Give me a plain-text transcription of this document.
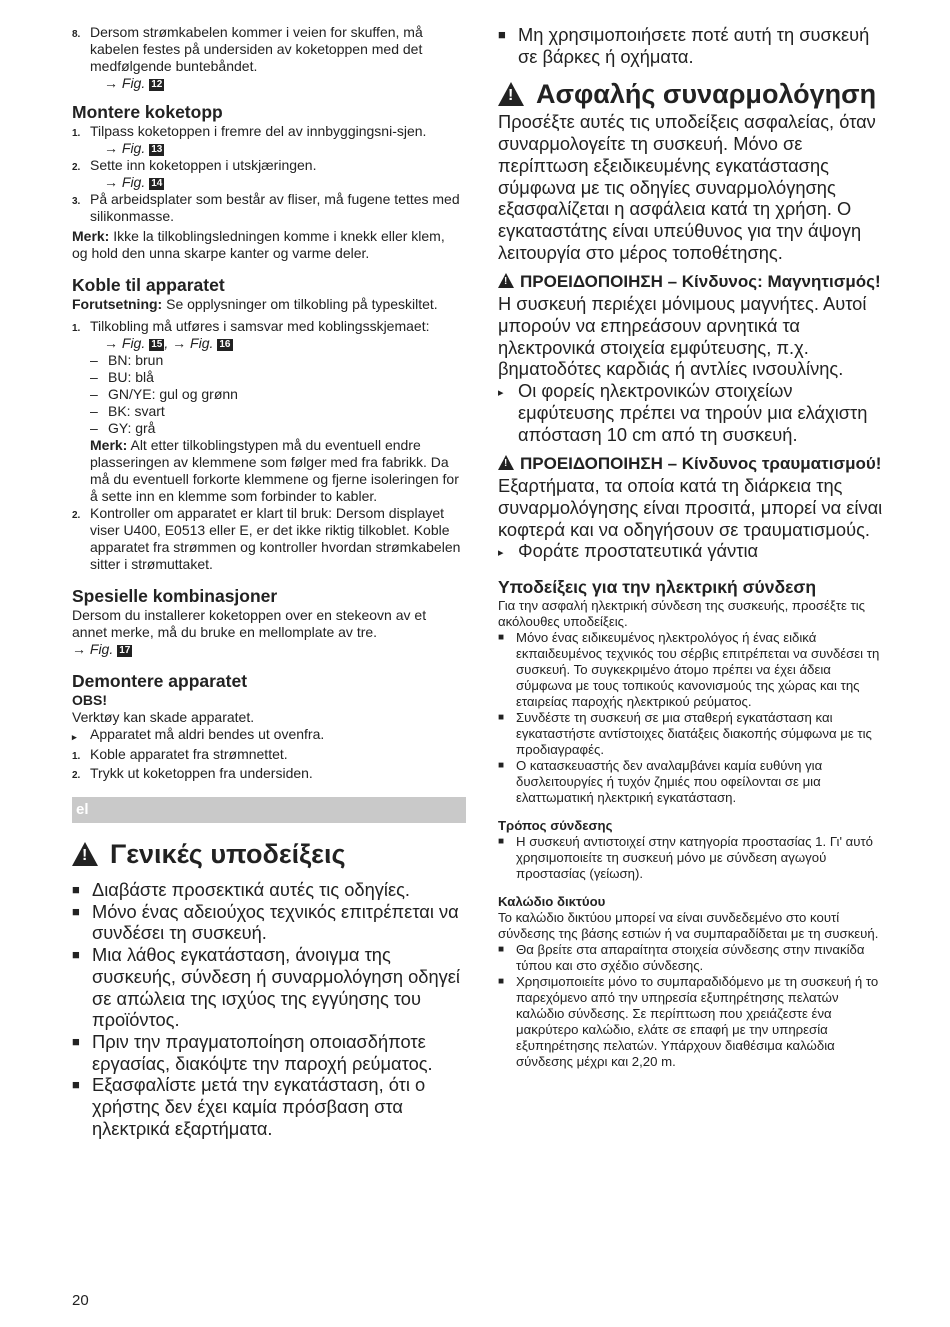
8. Dersom strømkabelen kommer i veien for skuffen, må kabelen festes på undersiden av koketoppen med det medfølgende buntebåndet.
→ Fig. 12
Montere koketopp
1. Tilpass koketoppen i fremre del av innbyggingsni-sjen.
→ Fig. 13
2. Sette inn koketoppen i utskjæringen.
→ Fig. 14
3. På arbeidsplater som består av fliser, må fugene tettes med silikonmasse.

Merk: Ikke la tilkoblingsledningen komme i knekk eller klem, og hold den unna skarpe kanter og varme deler.

Koble til apparatet

Forutsetning: Se opplysninger om tilkobling på typeskiltet.

1. Tilkobling må utføres i samsvar med koblingsskjemaet:
→ Fig. 15 , → Fig. 16
– BN: brun
– BU: blå
– GN/YE: gul og grønn
– BK: svart
– GY: grå

Merk: Alt etter tilkoblingstypen må du eventuell endre plasseringen av klemmene som følger med fra fabrikk. Da må du eventuell forkorte klemmene og fjerne isoleringen for å sette inn en klemme som forbinder to kabler.

2. Kontroller om apparatet er klart til bruk: Dersom displayet viser U400, E0513 eller E, er det ikke riktig tilkoblet. Koble apparatet fra strømmen og kontroller hvordan strømkabelen sitter i strømuttaket.
Spesielle kombinasjoner

Dersom du installerer koketoppen over en stekeovn av et annet merke, må du bruke en mellomplate av tre.

→ Fig. 17
Demontere apparatet

OBS!

Verktøy kan skade apparatet.

▸ Apparatet må aldri bendes ut ovenfra.
1. Koble apparatet fra strømnettet.
2. Trykk ut koketoppen fra undersiden.
el
!
Γενικές υποδείξεις
■ Διαβάστε προσεκτικά αυτές τις οδηγίες.
■ Μόνο ένας αδειούχος τεχνικός επιτρέπεται να συνδέσει τη συσκευή.
■ Μια λάθος εγκατάσταση, άνοιγμα της συσκευής, σύνδεση ή συναρμολόγηση οδηγεί σε απώλεια της ισχύος της εγγύησης του προϊόντος.
■ Πριν την πραγματοποίηση οποιασδήποτε εργασίας, διακόψτε την παροχή ρεύματος.
■ Εξασφαλίστε μετά την εγκατάσταση, ότι ο χρήστης δεν έχει καμία πρόσβαση στα ηλεκτρικά εξαρτήματα.
20
■ Μη χρησιμοποιήσετε ποτέ αυτή τη συσκευή σε βάρκες ή οχήματα.
!
Ασφαλής συναρμολόγηση

Προσέξτε αυτές τις υποδείξεις ασφαλείας, όταν συναρμολογείτε τη συσκευή. Μόνο σε περίπτωση εξειδικευμένης εγκατάστασης σύμφωνα με τις οδηγίες συναρμολόγησης εξασφαλίζεται η ασφάλεια κατά τη χρήση. Ο εγκαταστάτης είναι υπεύθυνος για την άψογη λειτουργία στο μέρος τοποθέτησης.

!ΠΡΟΕΙΔΟΠΟΙΗΣΗ – Κίνδυνος: Μαγνητισμός!

Η συσκευή περιέχει μόνιμους μαγνήτες. Αυτοί μπορούν να επηρεάσουν αρνητικά τα ηλεκτρονικά στοιχεία εμφύτευσης, π.χ. βηματοδότες καρδιάς ή αντλίες ινσουλίνης.

▸ Οι φορείς ηλεκτρονικών στοιχείων εμφύτευσης πρέπει να τηρούν μια ελάχιστη απόσταση 10 cm από τη συσκευή.
!ΠΡΟΕΙΔΟΠΟΙΗΣΗ – Κίνδυνος τραυματισμού!

Εξαρτήματα, τα οποία κατά τη διάρκεια της συναρμολόγησης είναι προσιτά, μπορεί να είναι κοφτερά και να οδηγήσουν σε τραυματισμούς.

▸ Φοράτε προστατευτικά γάντια
Υποδείξεις για την ηλεκτρική σύνδεση

Για την ασφαλή ηλεκτρική σύνδεση της συσκευής, προσέξτε τις ακόλουθες υποδείξεις.

■ Μόνο ένας ειδικευμένος ηλεκτρολόγος ή ένας ειδικά εκπαιδευμένος τεχνικός του σέρβις επιτρέπεται να συνδέσει τη συσκευή. Το συγκεκριμένο άτομο πρέπει να έχει άδεια σύμφωνα με τους τοπικούς κανονισμούς της χώρας και της εταιρείας παροχής ηλεκτρικού ρεύματος.
■ Συνδέστε τη συσκευή σε μια σταθερή εγκατάσταση και εγκαταστήστε αντίστοιχες διατάξεις διακοπής σύμφωνα με τις προδιαγραφές.
■ Ο κατασκευαστής δεν αναλαμβάνει καμία ευθύνη για δυσλειτουργίες ή τυχόν ζημιές που οφείλονται σε μια ελαττωματική ηλεκτρική εγκατάσταση.
Τρόπος σύνδεσης
■ Η συσκευή αντιστοιχεί στην κατηγορία προστασίας 1. Γι' αυτό χρησιμοποιείτε τη συσκευή μόνο με σύνδεση αγωγού προστασίας (γείωση).
Καλώδιο δικτύου

Το καλώδιο δικτύου μπορεί να είναι συνδεδεμένο στο κουτί σύνδεσης της βάσης εστιών ή να συμπαραδίδεται με τη συσκευή.

■ Θα βρείτε στα απαραίτητα στοιχεία σύνδεσης στην πινακίδα τύπου και στο σχέδιο σύνδεσης.
■ Χρησιμοποιείτε μόνο το συμπαραδιδόμενο με τη συσκευή ή το παρεχόμενο από την υπηρεσία εξυπηρέτησης πελατών καλώδιο σύνδεσης. Σε περίπτωση που χρειάζεστε ένα μακρύτερο καλώδιο, ελάτε σε επαφή με την υπηρεσία εξυπηρέτησης πελατών. Υπάρχουν διαθέσιμα καλώδια σύνδεσης μέχρι και 2,20 m.
